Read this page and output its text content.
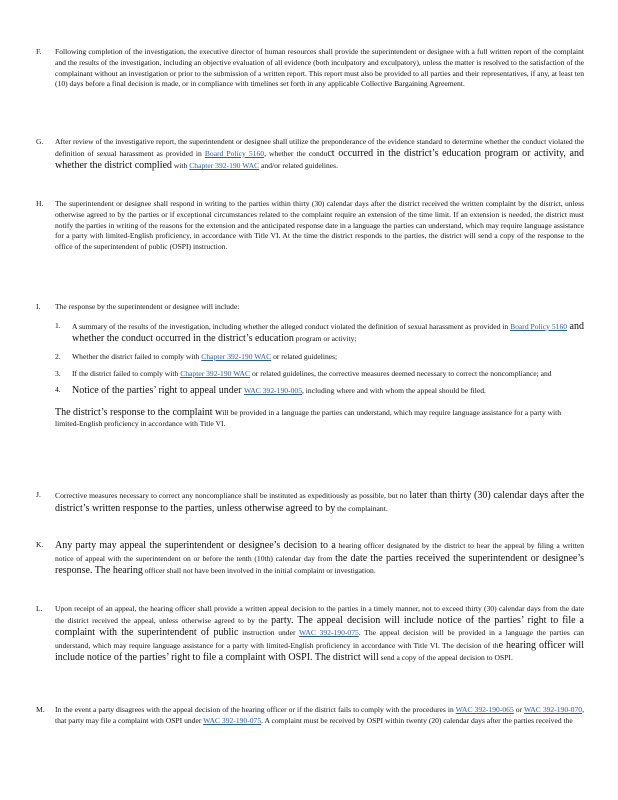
F.	Following completion of the investigation, the executive director of human resources shall provide the superintendent or designee with a full written report of the complaint and the results of the investigation, including an objective evaluation of all evidence (both inculpatory and exculpatory), unless the matter is resolved to the satisfaction of the complainant without an investigation or prior to the submission of a written report. This report must also be provided to all parties and their representatives, if any, at least ten (10) days before a final decision is made, or in compliance with timelines set forth in any applicable Collective Bargaining Agreement.
G.	After review of the investigative report, the superintendent or designee shall utilize the preponderance of the evidence standard to determine whether the conduct violated the definition of sexual harassment as provided in Board Policy 5160, whether the conduct occurred in the district’s education program or activity, and whether the district complied with Chapter 392-190 WAC and/or related guidelines.
H.	The superintendent or designee shall respond in writing to the parties within thirty (30) calendar days after the district received the written complaint by the district, unless otherwise agreed to by the parties or if exceptional circumstances related to the complaint require an extension of the time limit. If an extension is needed, the district must notify the parties in writing of the reasons for the extension and the anticipated response date in a language the parties can understand, which may require language assistance for a party with limited-English proficiency, in accordance with Title VI. At the time the district responds to the parties, the district will send a copy of the response to the office of the superintendent of public (OSPI) instruction.
I.	The response by the superintendent or designee will include:
1. A summary of the results of the investigation, including whether the alleged conduct violated the definition of sexual harassment as provided in Board Policy 5160 and whether the conduct occurred in the district’s education program or activity;
2. Whether the district failed to comply with Chapter 392-190 WAC or related guidelines;
3. If the district failed to comply with Chapter 392-190 WAC or related guidelines, the corrective measures deemed necessary to correct the noncompliance; and
4. Notice of the parties’ right to appeal under WAC 392-190-005, including where and with whom the appeal should be filed.
The district’s response to the complaint will be provided in a language the parties can understand, which may require language assistance for a party with limited-English proficiency in accordance with Title VI.
J.	Corrective measures necessary to correct any noncompliance shall be instituted as expeditiously as possible, but no later than thirty (30) calendar days after the district’s written response to the parties, unless otherwise agreed to by the complainant.
K.	Any party may appeal the superintendent or designee’s decision to a hearing officer designated by the district to hear the appeal by filing a written notice of appeal with the superintendent on or before the tenth (10th) calendar day from the date the parties received the superintendent or designee’s response. The hearing officer shall not have been involved in the initial complaint or investigation.
L.	Upon receipt of an appeal, the hearing officer shall provide a written appeal decision to the parties in a timely manner, not to exceed thirty (30) calendar days from the date the district received the appeal, unless otherwise agreed to by the party. The appeal decision will include notice of the parties’ right to file a complaint with the superintendent of public instruction under WAC 392-190-075. The appeal decision will be provided in a language the parties can understand, which may require language assistance for a party with limited-English proficiency in accordance with Title VI. The decision of the hearing officer will include notice of the parties’ right to file a complaint with OSPI. The district will send a copy of the appeal decision to OSPI.
M.	In the event a party disagrees with the appeal decision of the hearing officer or if the district fails to comply with the procedures in WAC 392-190-065 or WAC 392-190-070, that party may file a complaint with OSPI under WAC 392-190-075. A complaint must be received by OSPI within twenty (20) calendar days after the parties received the
